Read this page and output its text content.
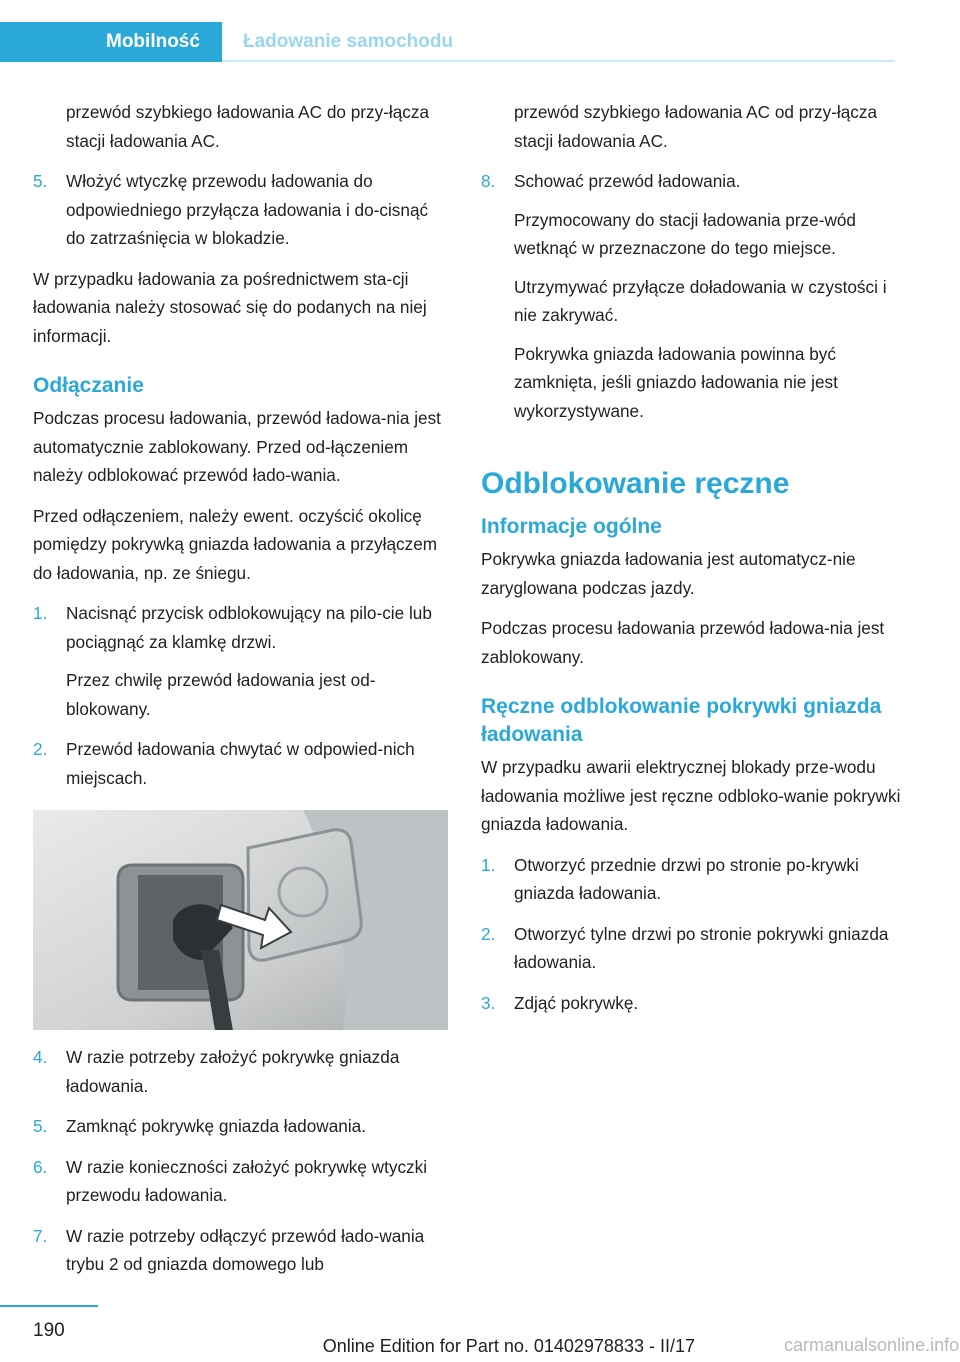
Mobilność Ładowanie samochodu

przewód szybkiego ładowania AC do przy‐łącza stacji ładowania AC.

5. Włożyć wtyczkę przewodu ładowania do odpowiedniego przyłącza ładowania i do‐cisnąć do zatrzaśnięcia w blokadzie.

W przypadku ładowania za pośrednictwem sta‐cji ładowania należy stosować się do podanych na niej informacji.

Odłączanie

Podczas procesu ładowania, przewód ładowa‐nia jest automatycznie zablokowany. Przed od‐łączeniem należy odblokować przewód łado‐wania.

Przed odłączeniem, należy ewent. oczyścić okolicę pomiędzy pokrywką gniazda ładowania a przyłączem do ładowania, np. ze śniegu.

1. Nacisnąć przycisk odblokowujący na pilo‐cie lub pociągnąć za klamkę drzwi.
Przez chwilę przewód ładowania jest od‐blokowany.
2. Przewód ładowania chwytać w odpowied‐nich miejscach.
4. W razie potrzeby założyć pokrywkę gniazda ładowania.
5. Zamknąć pokrywkę gniazda ładowania.
6. W razie konieczności założyć pokrywkę wtyczki przewodu ładowania.
7. W razie potrzeby odłączyć przewód łado‐wania trybu 2 od gniazda domowego lub

przewód szybkiego ładowania AC od przy‐łącza stacji ładowania AC.

8. Schować przewód ładowania.
Przymocowany do stacji ładowania prze‐wód wetknąć w przeznaczone do tego miejsce.
Utrzymywać przyłącze doładowania w czystości i nie zakrywać.
Pokrywka gniazda ładowania powinna być zamknięta, jeśli gniazdo ładowania nie jest wykorzystywane.
Odblokowanie ręczne
Informacje ogólne

Pokrywka gniazda ładowania jest automatycz‐nie zaryglowana podczas jazdy.

Podczas procesu ładowania przewód ładowa‐nia jest zablokowany.

Ręczne odblokowanie pokrywki gniazda ładowania

W przypadku awarii elektrycznej blokady prze‐wodu ładowania możliwe jest ręczne odbloko‐wanie pokrywki gniazda ładowania.

1. Otworzyć przednie drzwi po stronie po‐krywki gniazda ładowania.
2. Otworzyć tylne drzwi po stronie pokrywki gniazda ładowania.
3. Zdjąć pokrywkę.
190
Online Edition for Part no. 01402978833 - II/17	carmanualsonline.info
